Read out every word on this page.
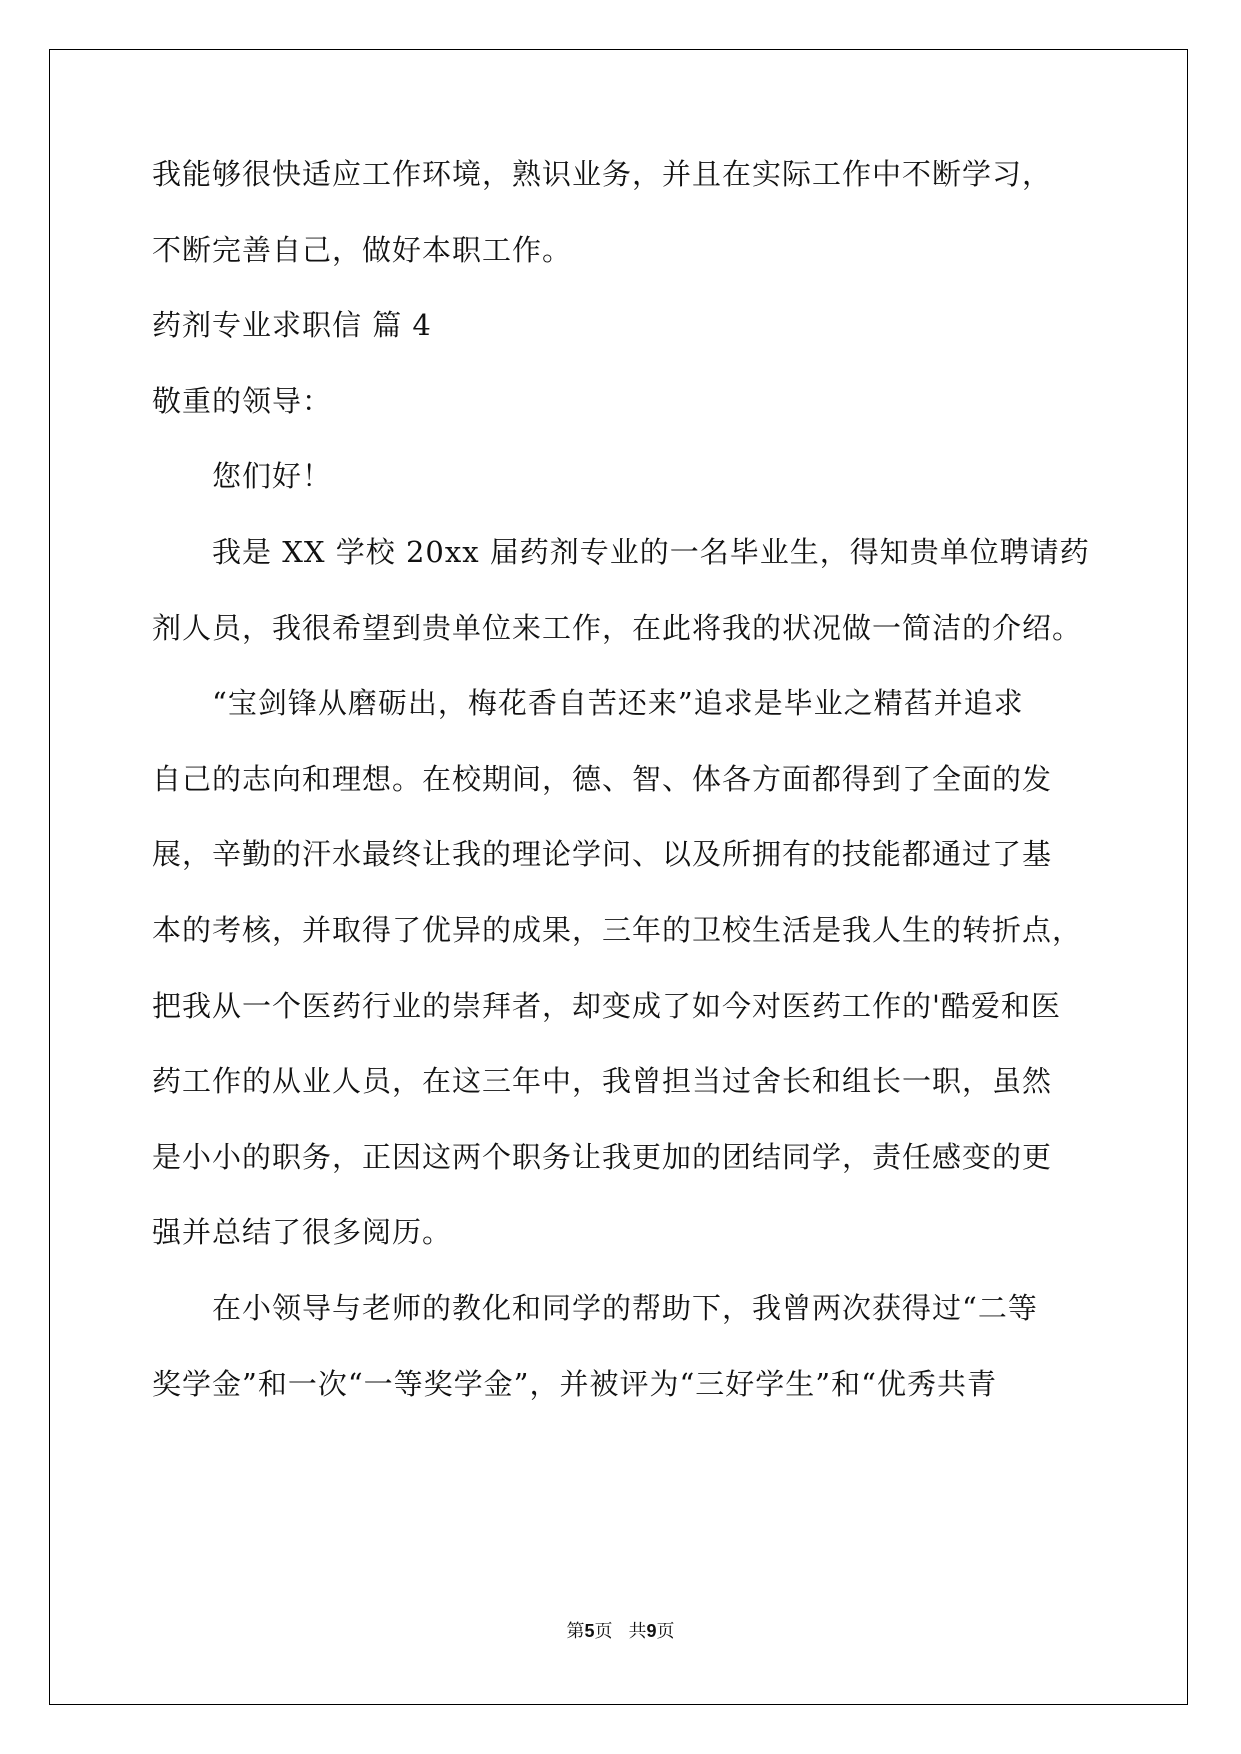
我能够很快适应工作环境，熟识业务，并且在实际工作中不断学习，
不断完善自己，做好本职工作。
药剂专业求职信 篇 4
敬重的领导：
　　您们好！
　　我是 XX 学校 20xx 届药剂专业的一名毕业生，得知贵单位聘请药
剂人员，我很希望到贵单位来工作，在此将我的状况做一简洁的介绍。
　　“宝剑锋从磨砺出，梅花香自苦还来”追求是毕业之精萏并追求
自己的志向和理想。在校期间，德、智、体各方面都得到了全面的发
展，辛勤的汗水最终让我的理论学问、以及所拥有的技能都通过了基
本的考核，并取得了优异的成果，三年的卫校生活是我人生的转折点，
把我从一个医药行业的崇拜者，却变成了如今对医药工作的'酷爱和医
药工作的从业人员，在这三年中，我曾担当过舍长和组长一职，虽然
是小小的职务，正因这两个职务让我更加的团结同学，责任感变的更
强并总结了很多阅历。
　　在小领导与老师的教化和同学的帮助下，我曾两次获得过“二等
奖学金”和一次“一等奖学金”，并被评为“三好学生”和“优秀共青
第5页 共9页
